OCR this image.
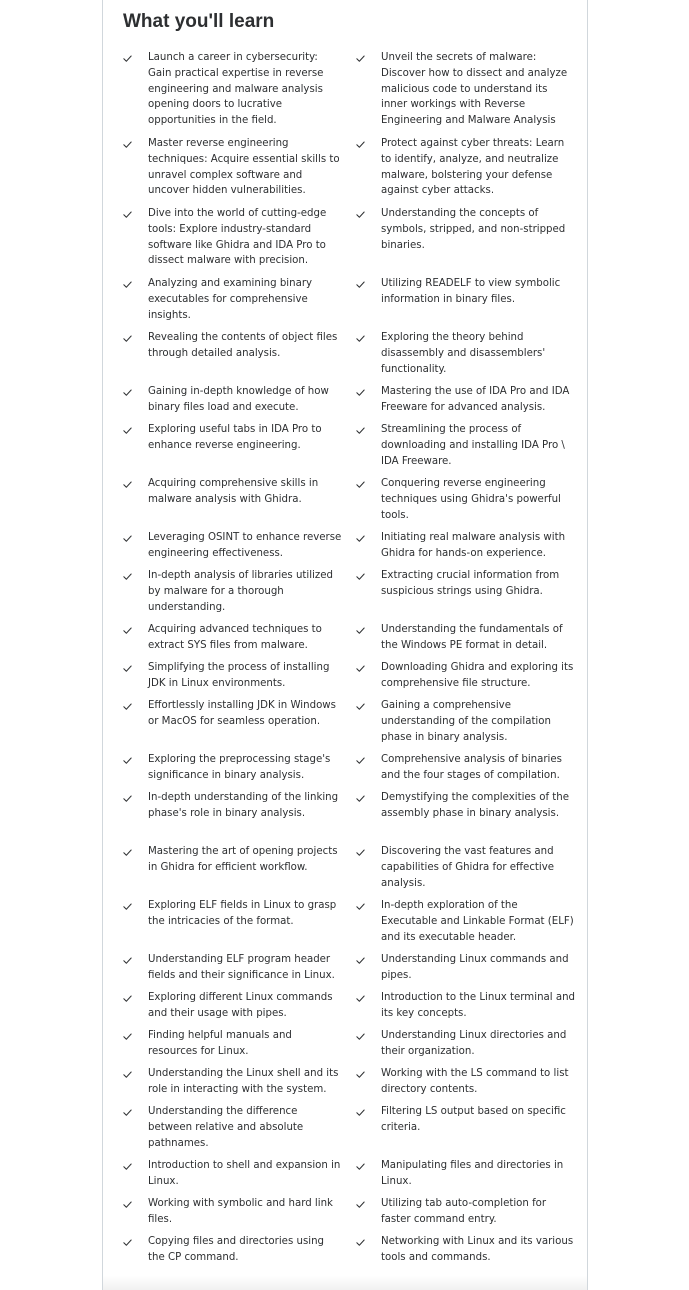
What you'll learn
Launch a career in cybersecurity: Gain practical expertise in reverse engineering and malware analysis opening doors to lucrative opportunities in the field.
Master reverse engineering techniques: Acquire essential skills to unravel complex software and uncover hidden vulnerabilities.
Dive into the world of cutting-edge tools: Explore industry-standard software like Ghidra and IDA Pro to dissect malware with precision.
Analyzing and examining binary executables for comprehensive insights.
Revealing the contents of object files through detailed analysis.
Gaining in-depth knowledge of how binary files load and execute.
Exploring useful tabs in IDA Pro to enhance reverse engineering.
Acquiring comprehensive skills in malware analysis with Ghidra.
Leveraging OSINT to enhance reverse engineering effectiveness.
In-depth analysis of libraries utilized by malware for a thorough understanding.
Acquiring advanced techniques to extract SYS files from malware.
Simplifying the process of installing JDK in Linux environments.
Effortlessly installing JDK in Windows or MacOS for seamless operation.
Exploring the preprocessing stage's significance in binary analysis.
In-depth understanding of the linking phase's role in binary analysis.
Mastering the art of opening projects in Ghidra for efficient workflow.
Exploring ELF fields in Linux to grasp the intricacies of the format.
Understanding ELF program header fields and their significance in Linux.
Exploring different Linux commands and their usage with pipes.
Finding helpful manuals and resources for Linux.
Understanding the Linux shell and its role in interacting with the system.
Understanding the difference between relative and absolute pathnames.
Introduction to shell and expansion in Linux.
Working with symbolic and hard link files.
Copying files and directories using the CP command.
Unveil the secrets of malware: Discover how to dissect and analyze malicious code to understand its inner workings with Reverse Engineering and Malware Analysis
Protect against cyber threats: Learn to identify, analyze, and neutralize malware, bolstering your defense against cyber attacks.
Understanding the concepts of symbols, stripped, and non-stripped binaries.
Utilizing READELF to view symbolic information in binary files.
Exploring the theory behind disassembly and disassemblers' functionality.
Mastering the use of IDA Pro and IDA Freeware for advanced analysis.
Streamlining the process of downloading and installing IDA Pro \ IDA Freeware.
Conquering reverse engineering techniques using Ghidra's powerful tools.
Initiating real malware analysis with Ghidra for hands-on experience.
Extracting crucial information from suspicious strings using Ghidra.
Understanding the fundamentals of the Windows PE format in detail.
Downloading Ghidra and exploring its comprehensive file structure.
Gaining a comprehensive understanding of the compilation phase in binary analysis.
Comprehensive analysis of binaries and the four stages of compilation.
Demystifying the complexities of the assembly phase in binary analysis.
Discovering the vast features and capabilities of Ghidra for effective analysis.
In-depth exploration of the Executable and Linkable Format (ELF) and its executable header.
Understanding Linux commands and pipes.
Introduction to the Linux terminal and its key concepts.
Understanding Linux directories and their organization.
Working with the LS command to list directory contents.
Filtering LS output based on specific criteria.
Manipulating files and directories in Linux.
Utilizing tab auto-completion for faster command entry.
Networking with Linux and its various tools and commands.
